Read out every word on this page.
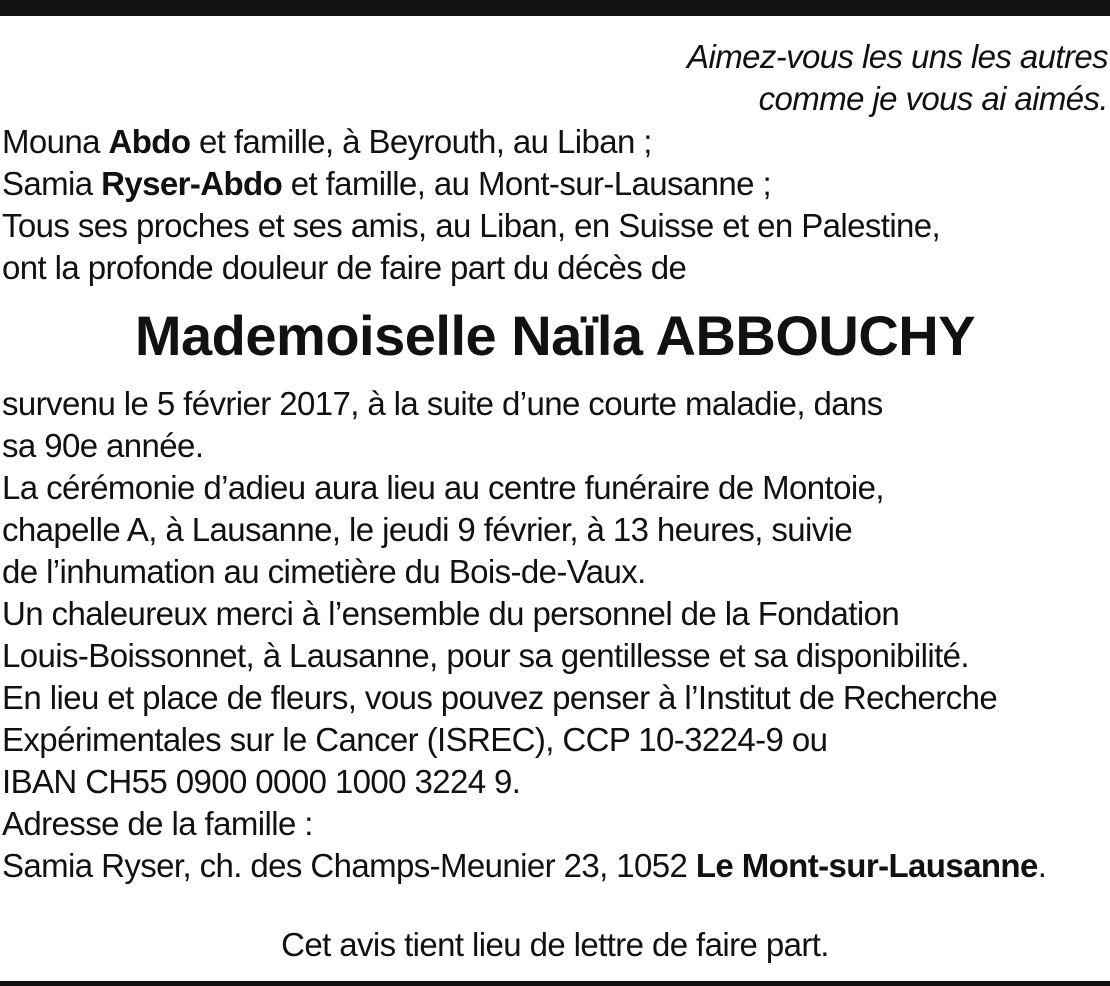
Aimez-vous les uns les autres
comme je vous ai aimés.
Mouna Abdo et famille, à Beyrouth, au Liban ;
Samia Ryser-Abdo et famille, au Mont-sur-Lausanne ;
Tous ses proches et ses amis, au Liban, en Suisse et en Palestine,
ont la profonde douleur de faire part du décès de
Mademoiselle Naïla ABBOUCHY
survenu le 5 février 2017, à la suite d’une courte maladie, dans
sa 90e année.
La cérémonie d’adieu aura lieu au centre funéraire de Montoie,
chapelle A, à Lausanne, le jeudi 9 février, à 13 heures, suivie
de l’inhumation au cimetière du Bois-de-Vaux.
Un chaleureux merci à l’ensemble du personnel de la Fondation
Louis-Boissonnet, à Lausanne, pour sa gentillesse et sa disponibilité.
En lieu et place de fleurs, vous pouvez penser à l’Institut de Recherche
Expérimentales sur le Cancer (ISREC), CCP 10-3224-9 ou
IBAN CH55 0900 0000 1000 3224 9.
Adresse de la famille :
Samia Ryser, ch. des Champs-Meunier 23, 1052 Le Mont-sur-Lausanne.
Cet avis tient lieu de lettre de faire part.
